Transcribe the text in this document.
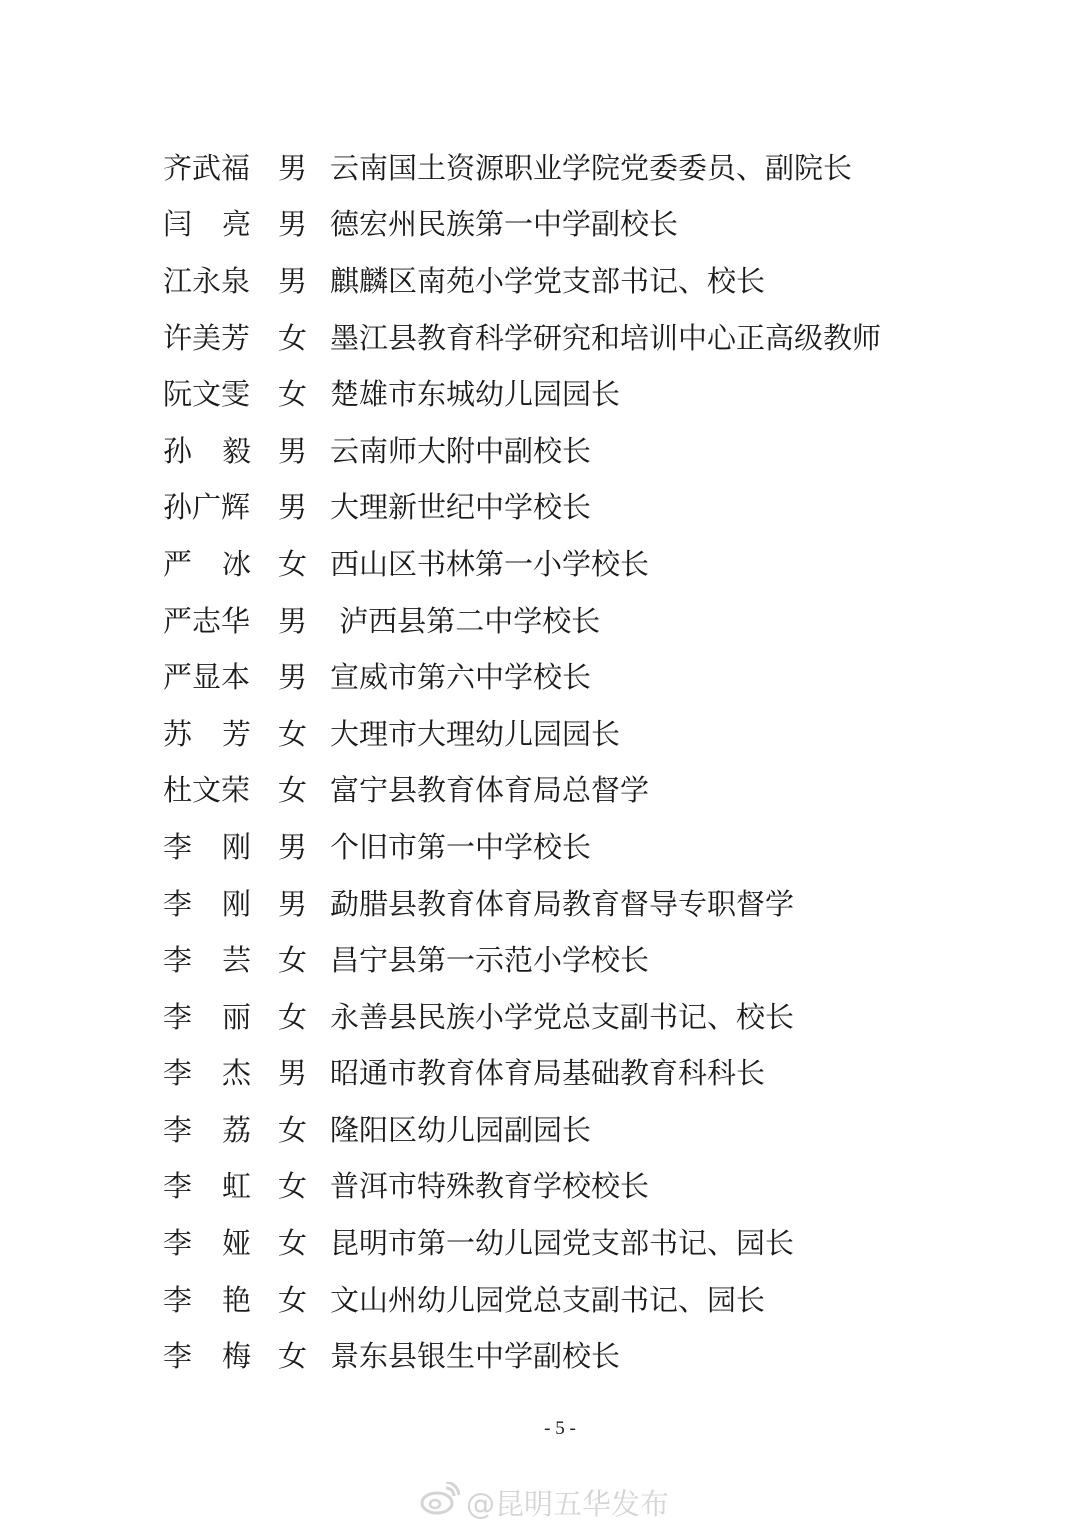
齐武福 男 云南国土资源职业学院党委委员、副院长
闫 亮 男 德宏州民族第一中学副校长
江永泉 男 麒麟区南苑小学党支部书记、校长
许美芳 女 墨江县教育科学研究和培训中心正高级教师
阮文雯 女 楚雄市东城幼儿园园长
孙 毅 男 云南师大附中副校长
孙广辉 男 大理新世纪中学校长
严 冰 女 西山区书林第一小学校长
严志华 男 泸西县第二中学校长
严显本 男 宣威市第六中学校长
苏 芳 女 大理市大理幼儿园园长
杜文荣 女 富宁县教育体育局总督学
李 刚 男 个旧市第一中学校长
李 刚 男 勐腊县教育体育局教育督导专职督学
李 芸 女 昌宁县第一示范小学校长
李 丽 女 永善县民族小学党总支副书记、校长
李 杰 男 昭通市教育体育局基础教育科科长
李 荔 女 隆阳区幼儿园副园长
李 虹 女 普洱市特殊教育学校校长
李 娅 女 昆明市第一幼儿园党支部书记、园长
李 艳 女 文山州幼儿园党总支副书记、园长
李 梅 女 景东县银生中学副校长
- 5 -
@昆明五华发布
